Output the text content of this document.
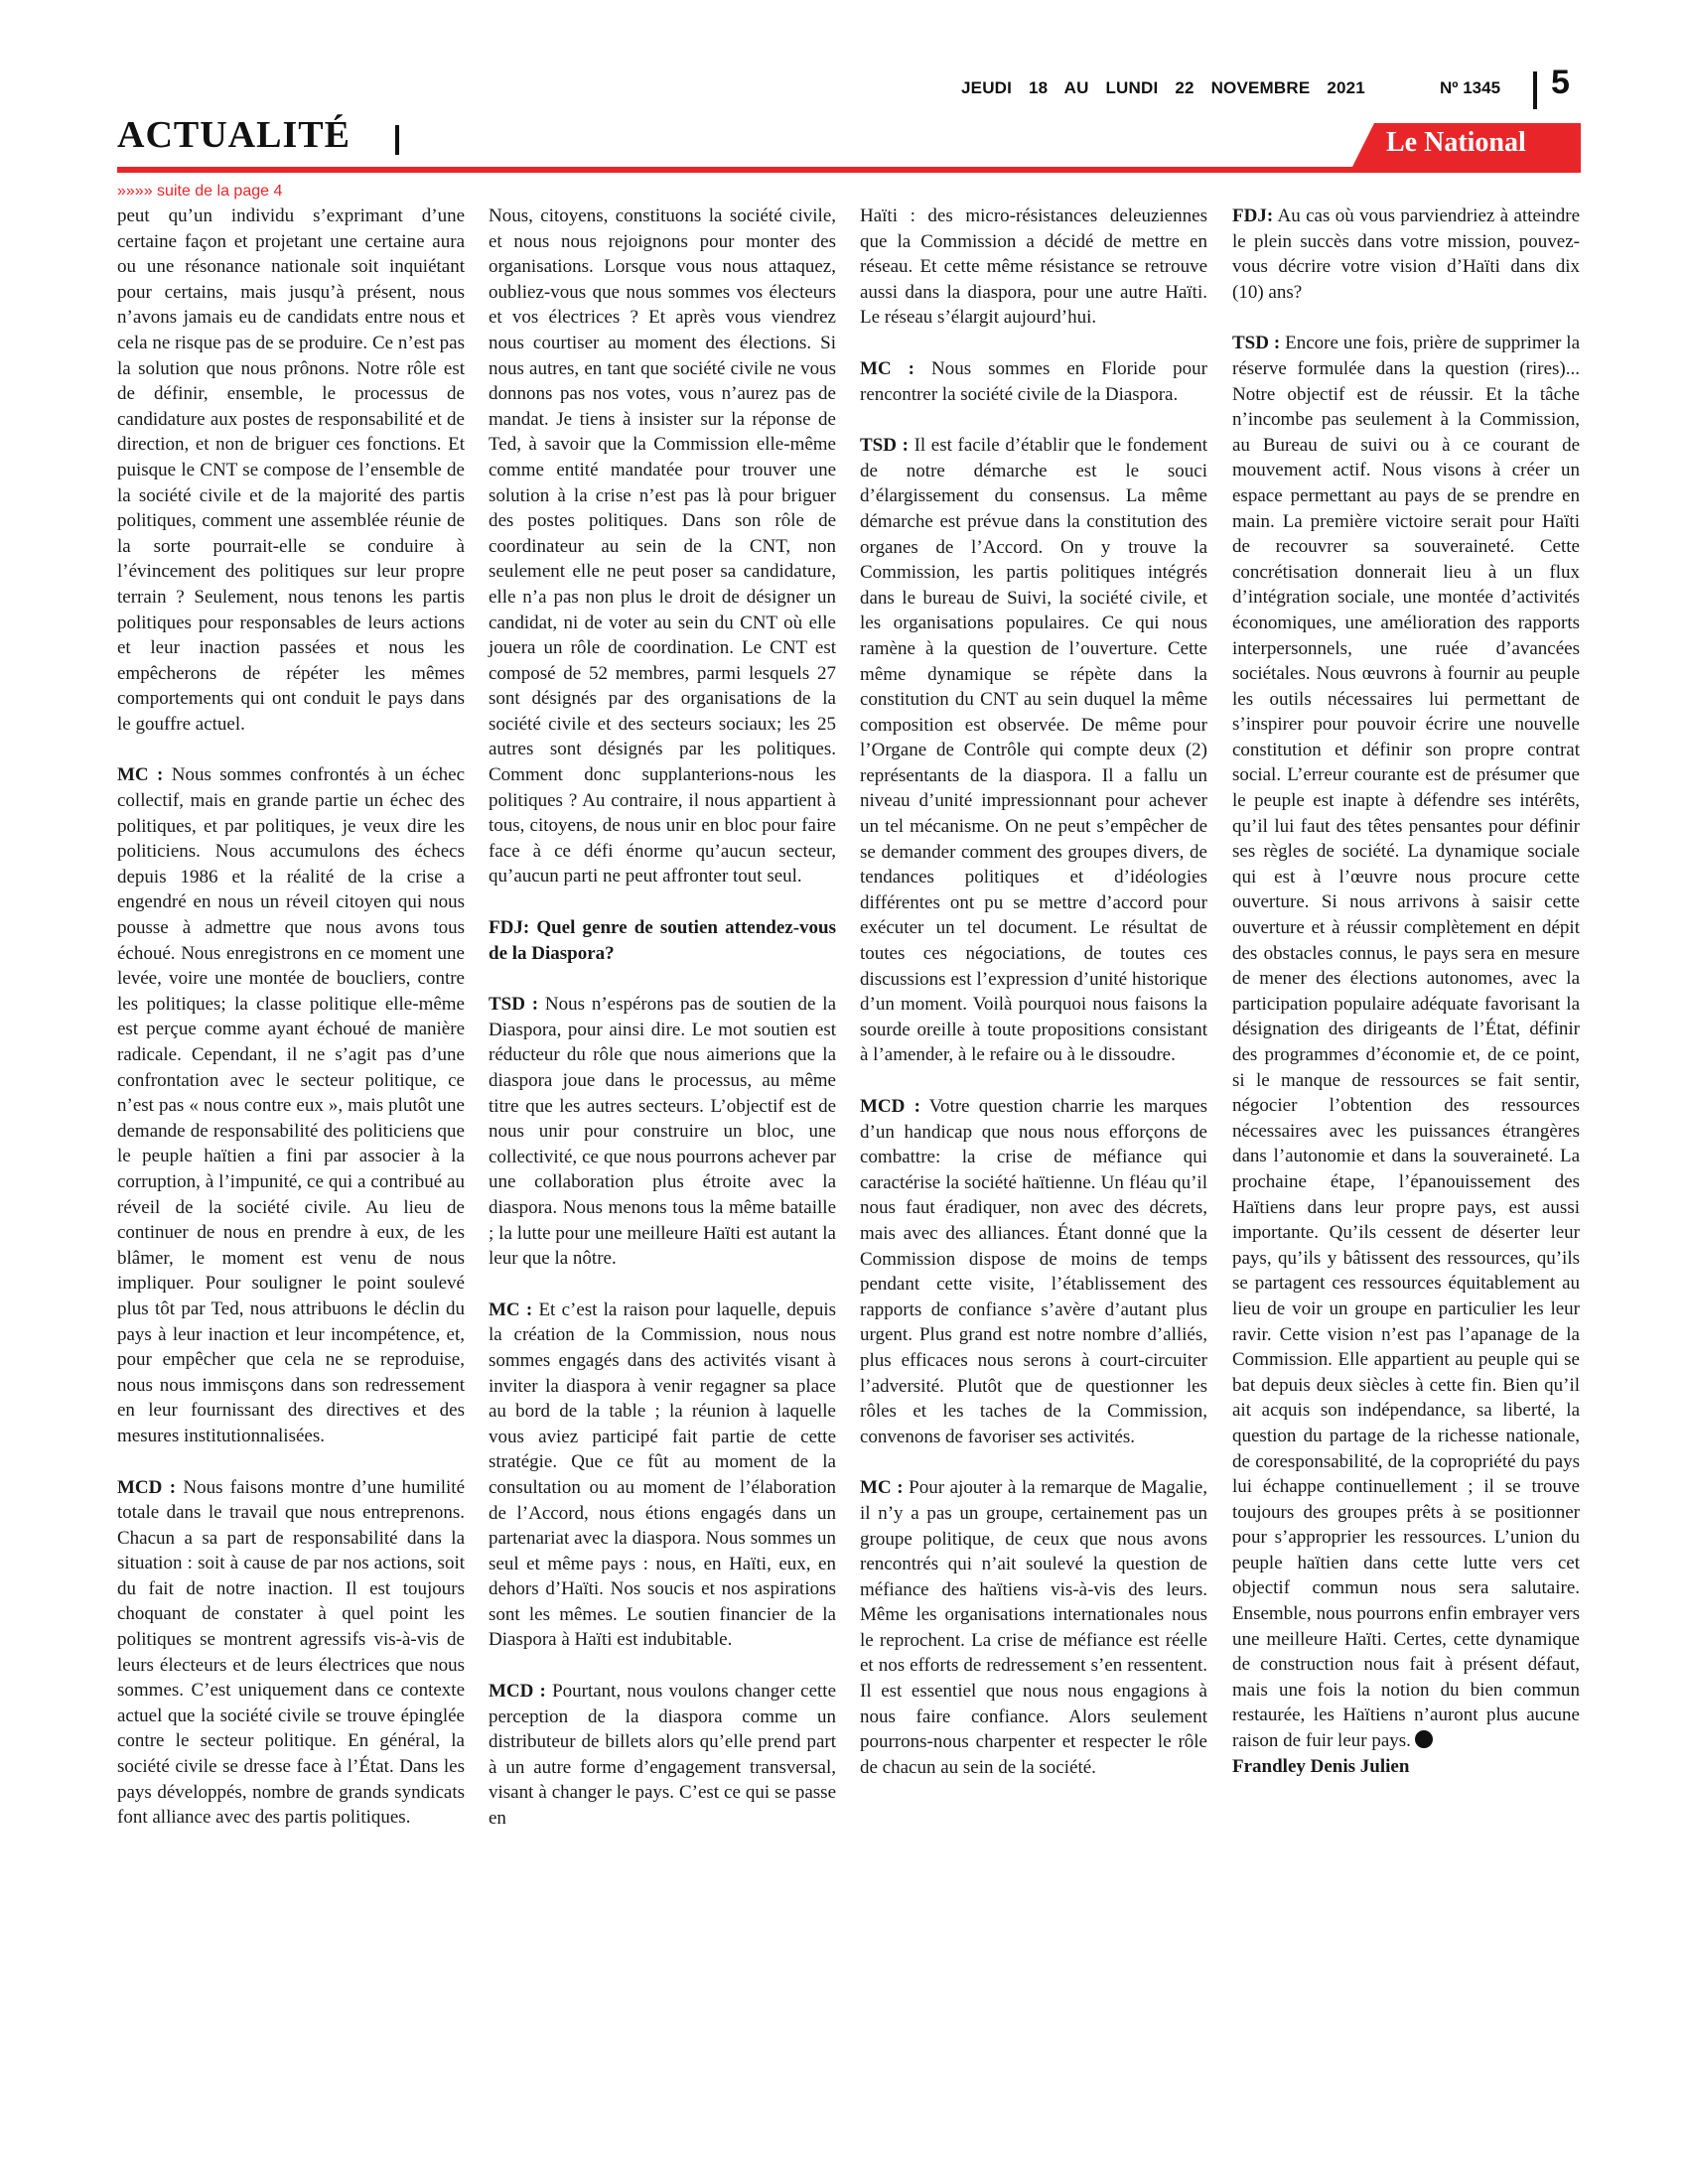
JEUDI 18 AU LUNDI 22 NOVEMBRE 2021	Nº 1345 5
ACTUALITÉ	Le National
»»»» suite de la page 4

peut qu’un individu s’exprimant d’une certaine façon et projetant une certaine aura ou une résonance nationale soit inquiétant pour certains, mais jusqu’à présent, nous n’avons jamais eu de candidats entre nous et cela ne risque pas de se produire. Ce n’est pas la solution que nous prônons. Notre rôle est de définir, ensemble, le processus de candidature aux postes de responsabilité et de direction, et non de briguer ces fonctions. Et puisque le CNT se compose de l’ensemble de la société civile et de la majorité des partis politiques, comment une assemblée réunie de la sorte pourrait-elle se conduire à l’évincement des politiques sur leur propre terrain ? Seulement, nous tenons les partis politiques pour responsables de leurs actions et leur inaction passées et nous les empêcherons de répéter les mêmes comportements qui ont conduit le pays dans le gouffre actuel.

MC : Nous sommes confrontés à un échec collectif, mais en grande partie un échec des politiques, et par politiques, je veux dire les politiciens. Nous accumulons des échecs depuis 1986 et la réalité de la crise a engendré en nous un réveil citoyen qui nous pousse à admettre que nous avons tous échoué. Nous enregistrons en ce moment une levée, voire une montée de boucliers, contre les politiques; la classe politique elle-même est perçue comme ayant échoué de manière radicale. Cependant, il ne s’agit pas d’une confrontation avec le secteur politique, ce n’est pas « nous contre eux », mais plutôt une demande de responsabilité des politiciens que le peuple haïtien a fini par associer à la corruption, à l’impunité, ce qui a contribué au réveil de la société civile. Au lieu de continuer de nous en prendre à eux, de les blâmer, le moment est venu de nous impliquer. Pour souligner le point soulevé plus tôt par Ted, nous attribuons le déclin du pays à leur inaction et leur incompétence, et, pour empêcher que cela ne se reproduise, nous nous immisçons dans son redressement en leur fournissant des directives et des mesures institutionnalisées.

MCD : Nous faisons montre d’une humilité totale dans le travail que nous entreprenons. Chacun a sa part de responsabilité dans la situation : soit à cause de par nos actions, soit du fait de notre inaction. Il est toujours choquant de constater à quel point les politiques se montrent agressifs vis-à-vis de leurs électeurs et de leurs électrices que nous sommes. C’est uniquement dans ce contexte actuel que la société civile se trouve épinglée contre le secteur politique. En général, la société civile se dresse face à l’État. Dans les pays développés, nombre de grands syndicats font alliance avec des partis politiques.

Nous, citoyens, constituons la société civile, et nous nous rejoignons pour monter des organisations. Lorsque vous nous attaquez, oubliez-vous que nous sommes vos électeurs et vos électrices ? Et après vous viendrez nous courtiser au moment des élections. Si nous autres, en tant que société civile ne vous donnons pas nos votes, vous n’aurez pas de mandat. Je tiens à insister sur la réponse de Ted, à savoir que la Commission elle-même comme entité mandatée pour trouver une solution à la crise n’est pas là pour briguer des postes politiques. Dans son rôle de coordinateur au sein de la CNT, non seulement elle ne peut poser sa candidature, elle n’a pas non plus le droit de désigner un candidat, ni de voter au sein du CNT où elle jouera un rôle de coordination. Le CNT est composé de 52 membres, parmi lesquels 27 sont désignés par des organisations de la société civile et des secteurs sociaux; les 25 autres sont désignés par les politiques. Comment donc supplanterions-nous les politiques ? Au contraire, il nous appartient à tous, citoyens, de nous unir en bloc pour faire face à ce défi énorme qu’aucun secteur, qu’aucun parti ne peut affronter tout seul.

FDJ: Quel genre de soutien attendez-vous de la Diaspora?

TSD : Nous n’espérons pas de soutien de la Diaspora, pour ainsi dire. Le mot soutien est réducteur du rôle que nous aimerions que la diaspora joue dans le processus, au même titre que les autres secteurs. L’objectif est de nous unir pour construire un bloc, une collectivité, ce que nous pourrons achever par une collaboration plus étroite avec la diaspora. Nous menons tous la même bataille ; la lutte pour une meilleure Haïti est autant la leur que la nôtre.

MC : Et c’est la raison pour laquelle, depuis la création de la Commission, nous nous sommes engagés dans des activités visant à inviter la diaspora à venir regagner sa place au bord de la table ; la réunion à laquelle vous aviez participé fait partie de cette stratégie. Que ce fût au moment de la consultation ou au moment de l’élaboration de l’Accord, nous étions engagés dans un partenariat avec la diaspora. Nous sommes un seul et même pays : nous, en Haïti, eux, en dehors d’Haïti. Nos soucis et nos aspirations sont les mêmes. Le soutien financier de la Diaspora à Haïti est indubitable.

MCD : Pourtant, nous voulons changer cette perception de la diaspora comme un distributeur de billets alors qu’elle prend part à un autre forme d’engagement transversal, visant à changer le pays. C’est ce qui se passe en

Haïti : des micro-résistances deleuziennes que la Commission a décidé de mettre en réseau. Et cette même résistance se retrouve aussi dans la diaspora, pour une autre Haïti. Le réseau s’élargit aujourd’hui.

MC : Nous sommes en Floride pour rencontrer la société civile de la Diaspora.

TSD : Il est facile d’établir que le fondement de notre démarche est le souci d’élargissement du consensus. La même démarche est prévue dans la constitution des organes de l’Accord. On y trouve la Commission, les partis politiques intégrés dans le bureau de Suivi, la société civile, et les organisations populaires. Ce qui nous ramène à la question de l’ouverture. Cette même dynamique se répète dans la constitution du CNT au sein duquel la même composition est observée. De même pour l’Organe de Contrôle qui compte deux (2) représentants de la diaspora. Il a fallu un niveau d’unité impressionnant pour achever un tel mécanisme. On ne peut s’empêcher de se demander comment des groupes divers, de tendances politiques et d’idéologies différentes ont pu se mettre d’accord pour exécuter un tel document. Le résultat de toutes ces négociations, de toutes ces discussions est l’expression d’unité historique d’un moment. Voilà pourquoi nous faisons la sourde oreille à toute propositions consistant à l’amender, à le refaire ou à le dissoudre.

MCD : Votre question charrie les marques d’un handicap que nous nous efforçons de combattre: la crise de méfiance qui caractérise la société haïtienne. Un fléau qu’il nous faut éradiquer, non avec des décrets, mais avec des alliances. Étant donné que la Commission dispose de moins de temps pendant cette visite, l’établissement des rapports de confiance s’avère d’autant plus urgent. Plus grand est notre nombre d’alliés, plus efficaces nous serons à court-circuiter l’adversité. Plutôt que de questionner les rôles et les taches de la Commission, convenons de favoriser ses activités.

MC : Pour ajouter à la remarque de Magalie, il n’y a pas un groupe, certainement pas un groupe politique, de ceux que nous avons rencontrés qui n’ait soulevé la question de méfiance des haïtiens vis-à-vis des leurs. Même les organisations internationales nous le reprochent. La crise de méfiance est réelle et nos efforts de redressement s’en ressentent. Il est essentiel que nous nous engagions à nous faire confiance. Alors seulement pourrons-nous charpenter et respecter le rôle de chacun au sein de la société.

FDJ: Au cas où vous parviendriez à atteindre le plein succès dans votre mission, pouvez-vous décrire votre vision d’Haïti dans dix (10) ans?

TSD : Encore une fois, prière de supprimer la réserve formulée dans la question (rires)... Notre objectif est de réussir. Et la tâche n’incombe pas seulement à la Commission, au Bureau de suivi ou à ce courant de mouvement actif. Nous visons à créer un espace permettant au pays de se prendre en main. La première victoire serait pour Haïti de recouvrer sa souveraineté. Cette concrétisation donnerait lieu à un flux d’intégration sociale, une montée d’activités économiques, une amélioration des rapports interpersonnels, une ruée d’avancées sociétales. Nous œuvrons à fournir au peuple les outils nécessaires lui permettant de s’inspirer pour pouvoir écrire une nouvelle constitution et définir son propre contrat social. L’erreur courante est de présumer que le peuple est inapte à défendre ses intérêts, qu’il lui faut des têtes pensantes pour définir ses règles de société. La dynamique sociale qui est à l’œuvre nous procure cette ouverture. Si nous arrivons à saisir cette ouverture et à réussir complètement en dépit des obstacles connus, le pays sera en mesure de mener des élections autonomes, avec la participation populaire adéquate favorisant la désignation des dirigeants de l’État, définir des programmes d’économie et, de ce point, si le manque de ressources se fait sentir, négocier l’obtention des ressources nécessaires avec les puissances étrangères dans l’autonomie et dans la souveraineté. La prochaine étape, l’épanouissement des Haïtiens dans leur propre pays, est aussi importante. Qu’ils cessent de déserter leur pays, qu’ils y bâtissent des ressources, qu’ils se partagent ces ressources équitablement au lieu de voir un groupe en particulier les leur ravir. Cette vision n’est pas l’apanage de la Commission. Elle appartient au peuple qui se bat depuis deux siècles à cette fin. Bien qu’il ait acquis son indépendance, sa liberté, la question du partage de la richesse nationale, de coresponsabilité, de la copropriété du pays lui échappe continuellement ; il se trouve toujours des groupes prêts à se positionner pour s’approprier les ressources. L’union du peuple haïtien dans cette lutte vers cet objectif commun nous sera salutaire. Ensemble, nous pourrons enfin embrayer vers une meilleure Haïti. Certes, cette dynamique de construction nous fait à présent défaut, mais une fois la notion du bien commun restaurée, les Haïtiens n’auront plus aucune raison de fuir leur pays.

Frandley Denis Julien
